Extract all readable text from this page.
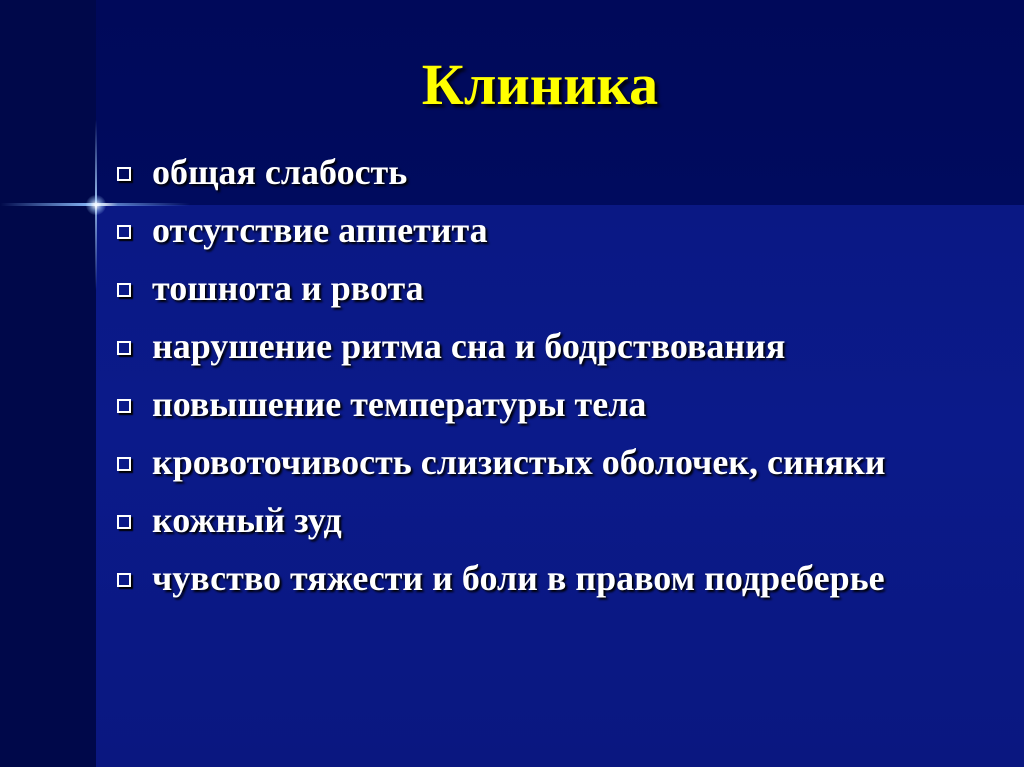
Клиника
общая слабость
отсутствие аппетита
тошнота и рвота
нарушение ритма сна и бодрствования
повышение температуры тела
кровоточивость слизистых оболочек, синяки
кожный зуд
чувство тяжести и боли в правом подреберье
